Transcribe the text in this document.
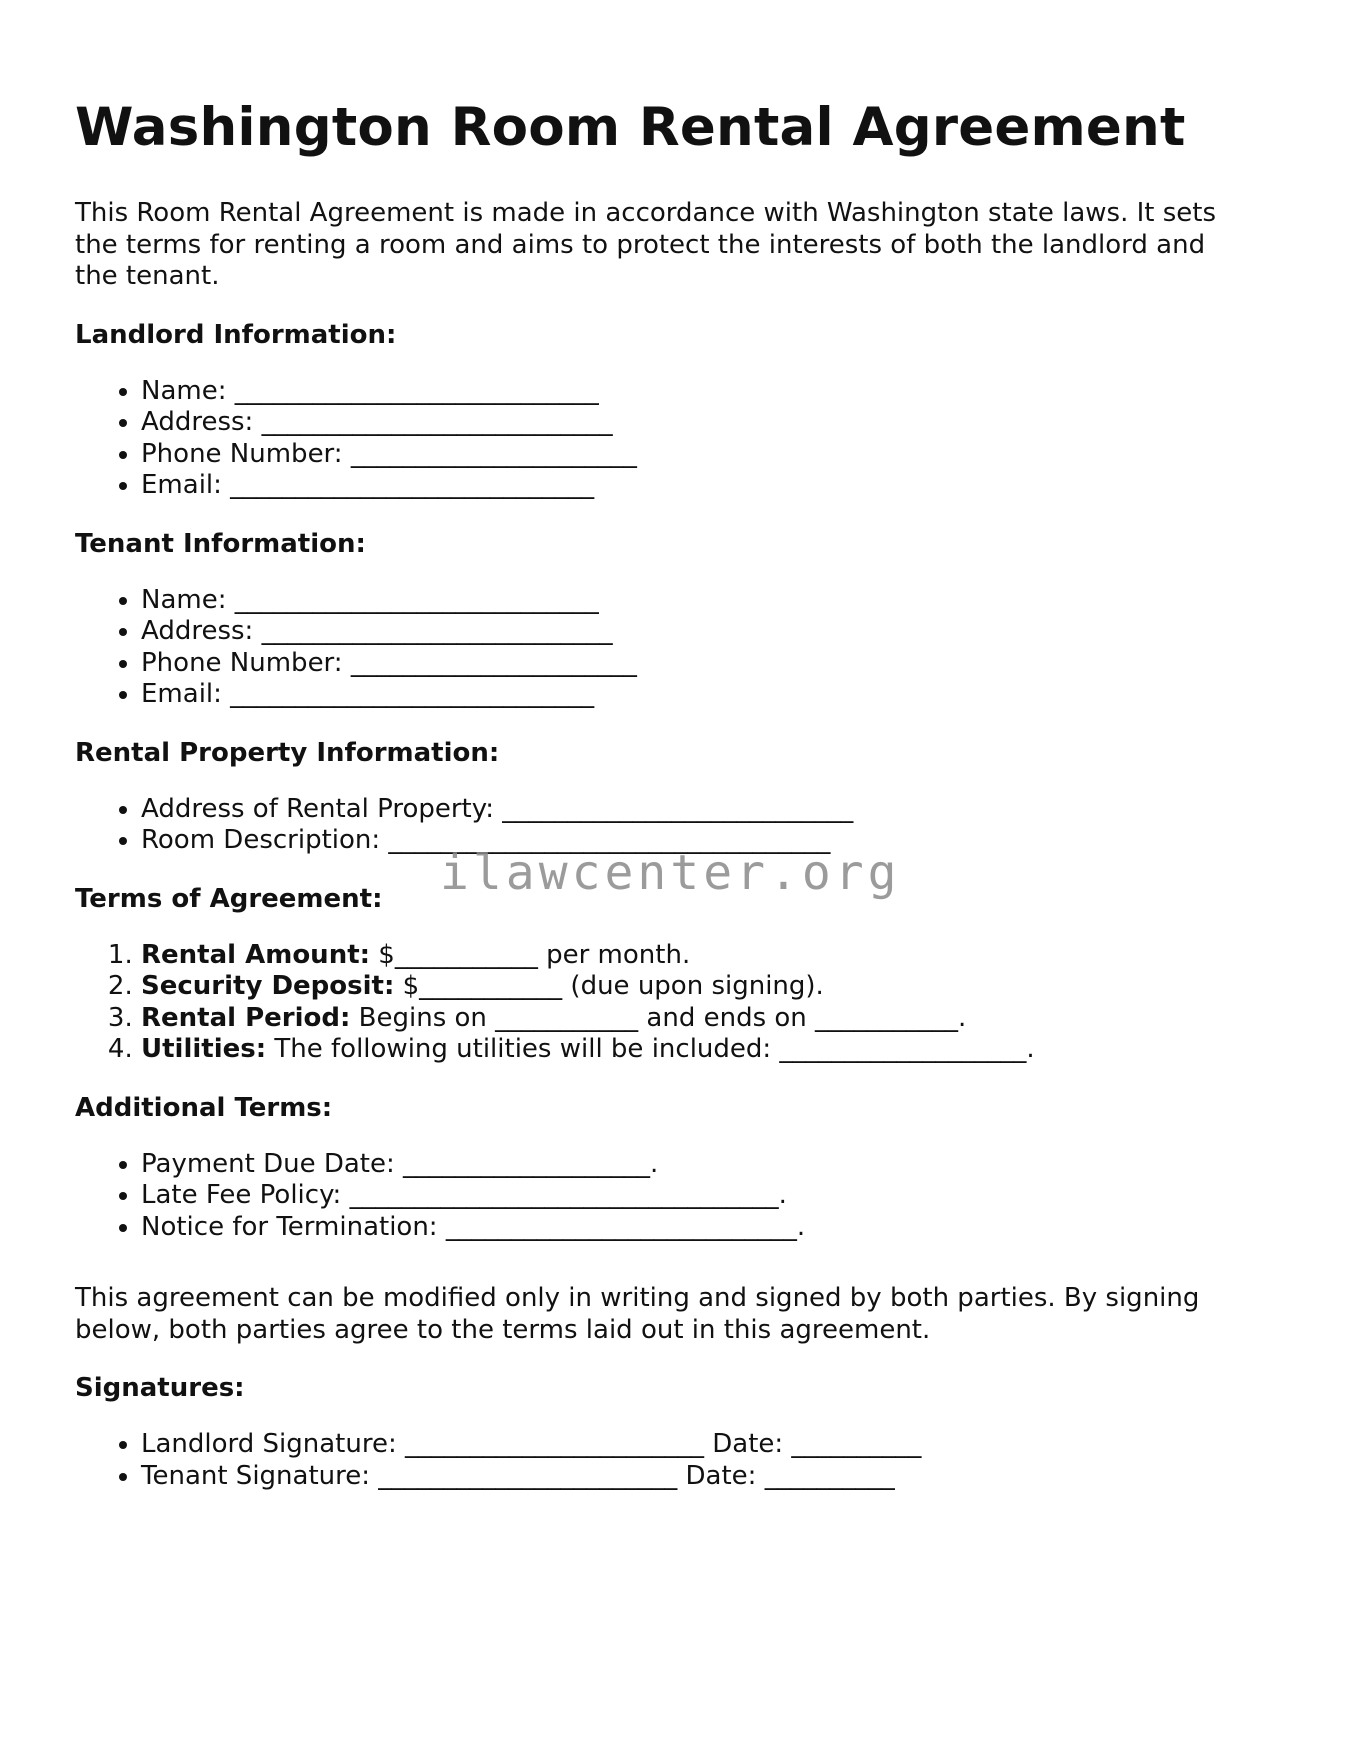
Washington Room Rental Agreement

This Room Rental Agreement is made in accordance with Washington state laws. It sets the terms for renting a room and aims to protect the interests of both the landlord and the tenant.

Landlord Information:

• Name: ____________________________
• Address: ___________________________
• Phone Number: ______________________
• Email: ____________________________

Tenant Information:

• Name: ____________________________
• Address: ___________________________
• Phone Number: ______________________
• Email: ____________________________

Rental Property Information:

• Address of Rental Property: ___________________________
• Room Description: __________________________________

Terms of Agreement:

1. Rental Amount: $___________ per month.
2. Security Deposit: $___________ (due upon signing).
3. Rental Period: Begins on ___________ and ends on ___________.
4. Utilities: The following utilities will be included: ___________________.

Additional Terms:

• Payment Due Date: ___________________.
• Late Fee Policy: _________________________________.
• Notice for Termination: ___________________________.

This agreement can be modified only in writing and signed by both parties. By signing below, both parties agree to the terms laid out in this agreement.

Signatures:

• Landlord Signature: _______________________ Date: __________
• Tenant Signature: _______________________ Date: __________
ilawcenter.org
